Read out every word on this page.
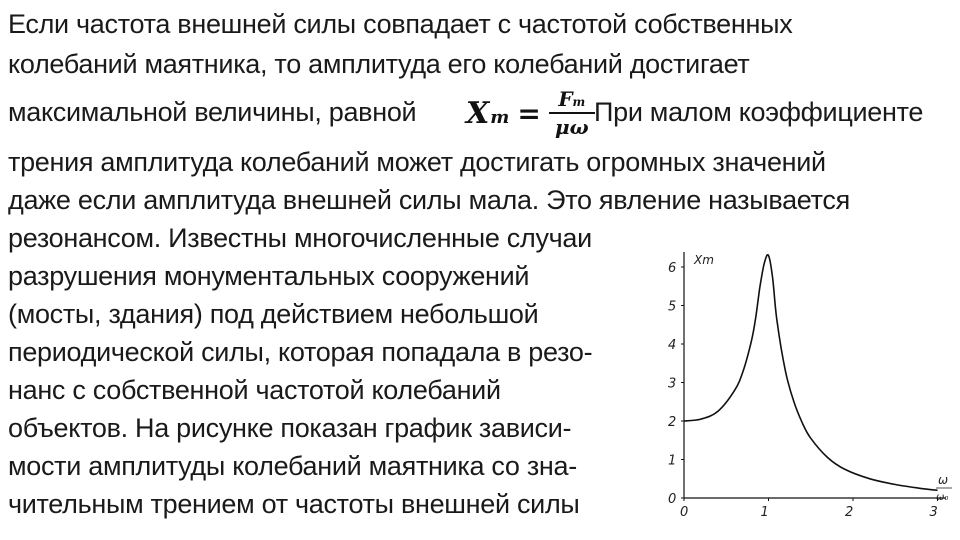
Если частота внешней силы совпадает с частотой собственных
колебаний маятника, то амплитуда его колебаний достигает
максимальной величины, равной X $m = \frac{\text{F m}}{\mu\omega}$ При малом коэффициенте
трения амплитуда колебаний может достигать огромных значений
даже если амплитуда внешней силы мала. Это явление называется
резонансом. Известны многочисленные случаи
разрушения монументальных сооружений
(мосты, здания) под действием небольшой
периодической силы, которая попадала в резо-
нанс с собственной частотой колебаний
объектов. На рисунке показан график зависи-
мости амплитуды колебаний маятника со зна-
чительным трением от частоты внешней силы
Xm
ω
ω₀
0
1
2
3
4
5
6
0	1	2	3
